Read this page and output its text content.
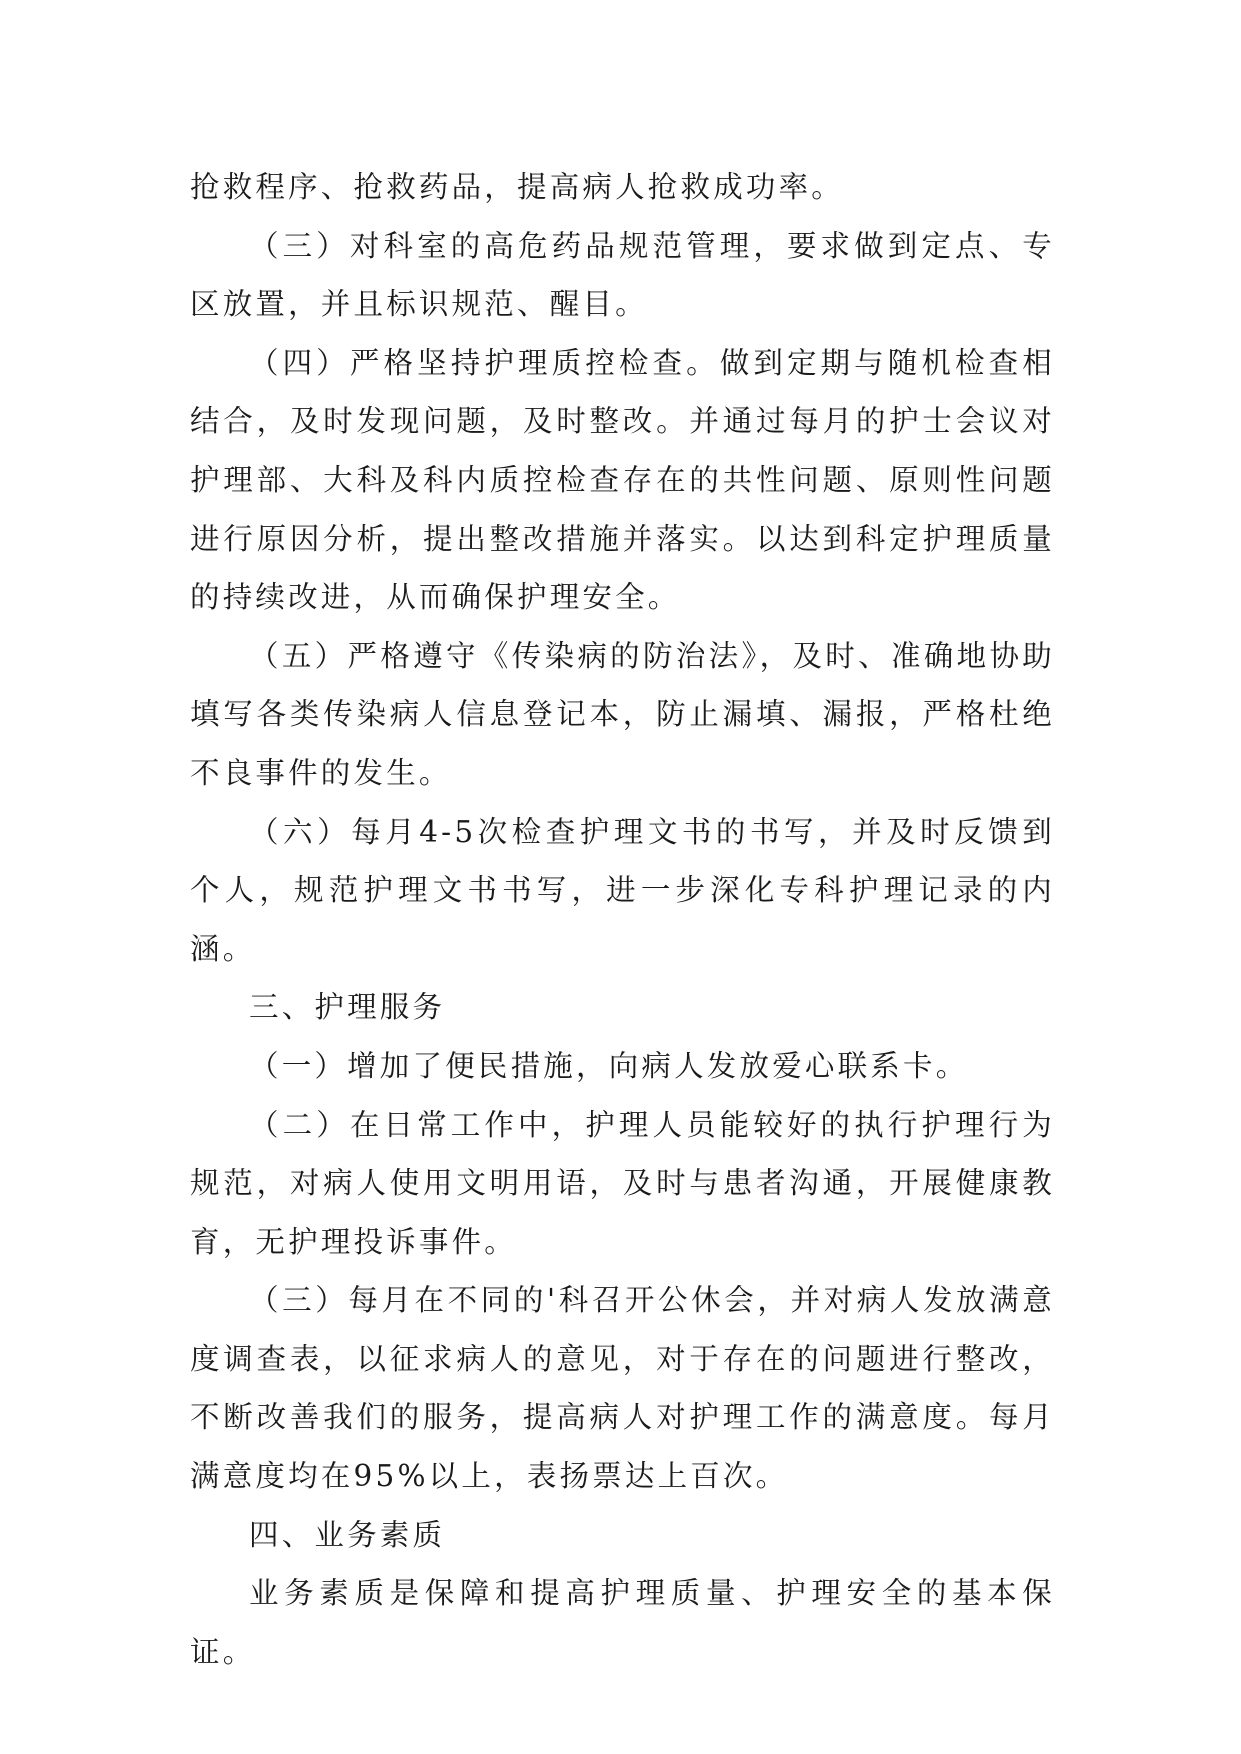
抢救程序、抢救药品，提高病人抢救成功率。

（三）对科室的高危药品规范管理，要求做到定点、专区放置，并且标识规范、醒目。

（四）严格坚持护理质控检查。做到定期与随机检查相结合，及时发现问题，及时整改。并通过每月的护士会议对护理部、大科及科内质控检查存在的共性问题、原则性问题进行原因分析，提出整改措施并落实。以达到科定护理质量的持续改进，从而确保护理安全。

（五）严格遵守《传染病的防治法》，及时、准确地协助填写各类传染病人信息登记本，防止漏填、漏报，严格杜绝不良事件的发生。

（六）每月4-5次检查护理文书的书写，并及时反馈到个人，规范护理文书书写，进一步深化专科护理记录的内涵。

三、护理服务

（一）增加了便民措施，向病人发放爱心联系卡。

（二）在日常工作中，护理人员能较好的执行护理行为规范，对病人使用文明用语，及时与患者沟通，开展健康教育，无护理投诉事件。

（三）每月在不同的'科召开公休会，并对病人发放满意度调查表，以征求病人的意见，对于存在的问题进行整改，不断改善我们的服务，提高病人对护理工作的满意度。每月满意度均在95%以上，表扬票达上百次。

四、业务素质

业务素质是保障和提高护理质量、护理安全的基本保证。
